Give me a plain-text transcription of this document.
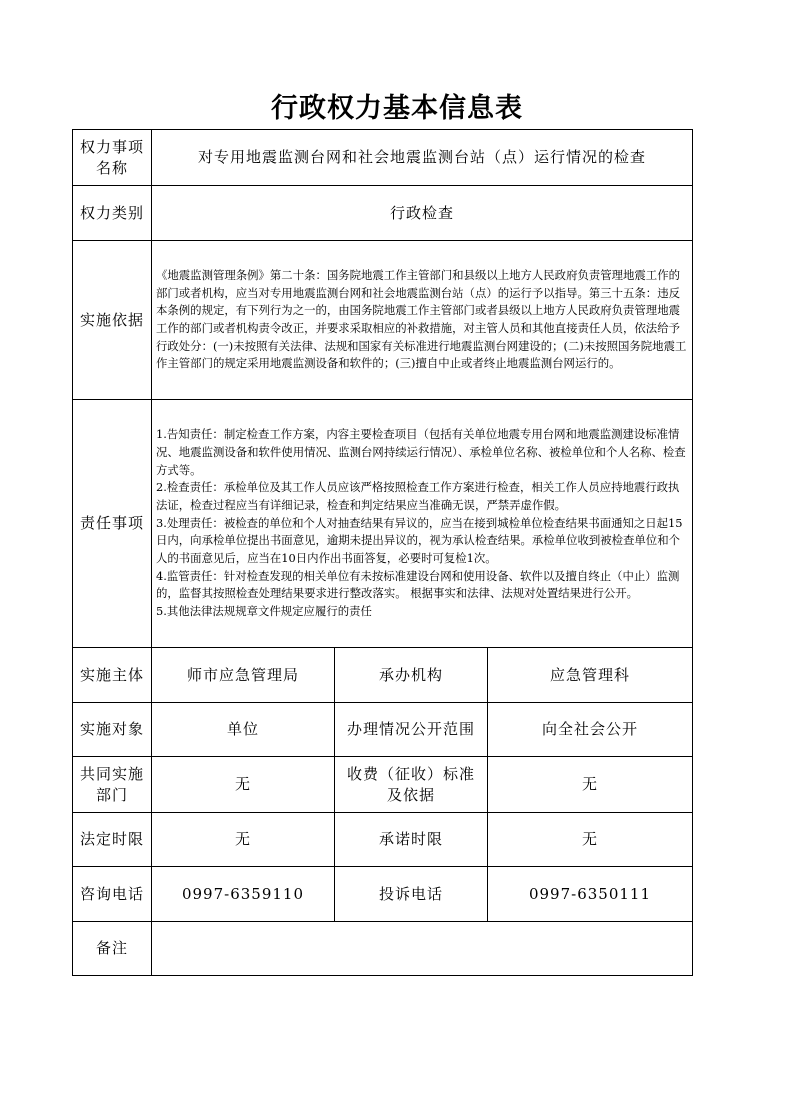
行政权力基本信息表
权力事项名称	对专用地震监测台网和社会地震监测台站（点）运行情况的检查		
权力类别	行政检查		
实施依据	《地震监测管理条例》第二十条：国务院地震工作主管部门和县级以上地方人民政府负责管理地震工作的部门或者机构，应当对专用地震监测台网和社会地震监测台站（点）的运行予以指导。第三十五条：违反本条例的规定，有下列行为之一的，由国务院地震工作主管部门或者县级以上地方人民政府负责管理地震工作的部门或者机构责令改正，并要求采取相应的补救措施，对主管人员和其他直接责任人员，依法给予行政处分：(一)未按照有关法律、法规和国家有关标准进行地震监测台网建设的；(二)未按照国务院地震工作主管部门的规定采用地震监测设备和软件的；(三)擅自中止或者终止地震监测台网运行的。		
责任事项	1.告知责任：制定检查工作方案，内容主要检查项目（包括有关单位地震专用台网和地震监测建设标准情况、地震监测设备和软件使用情况、监测台网持续运行情况）、承检单位名称、被检单位和个人名称、检查方式等。
2.检查责任：承检单位及其工作人员应该严格按照检查工作方案进行检查，相关工作人员应持地震行政执法证，检查过程应当有详细记录，检查和判定结果应当准确无误，严禁弄虚作假。
3.处理责任：被检查的单位和个人对抽查结果有异议的，应当在接到城检单位检查结果书面通知之日起15日内，向承检单位提出书面意见，逾期未提出异议的，视为承认检查结果。承检单位收到被检查单位和个人的书面意见后，应当在10日内作出书面答复，必要时可复检1次。
4.监管责任：针对检查发现的相关单位有未按标准建设台网和使用设备、软件以及擅自终止（中止）监测的，监督其按照检查处理结果要求进行整改落实。 根据事实和法律、法规对处置结果进行公开。
5.其他法律法规规章文件规定应履行的责任		

实施主体	师市应急管理局	承办机构	应急管理科
实施对象	单位	办理情况公开范围	向全社会公开

共同实施部门	无	收费（征收）标准及依据	无
法定时限	无	承诺时限	无
咨询电话	0997-6359110	投诉电话	0997-6350111
备注			
